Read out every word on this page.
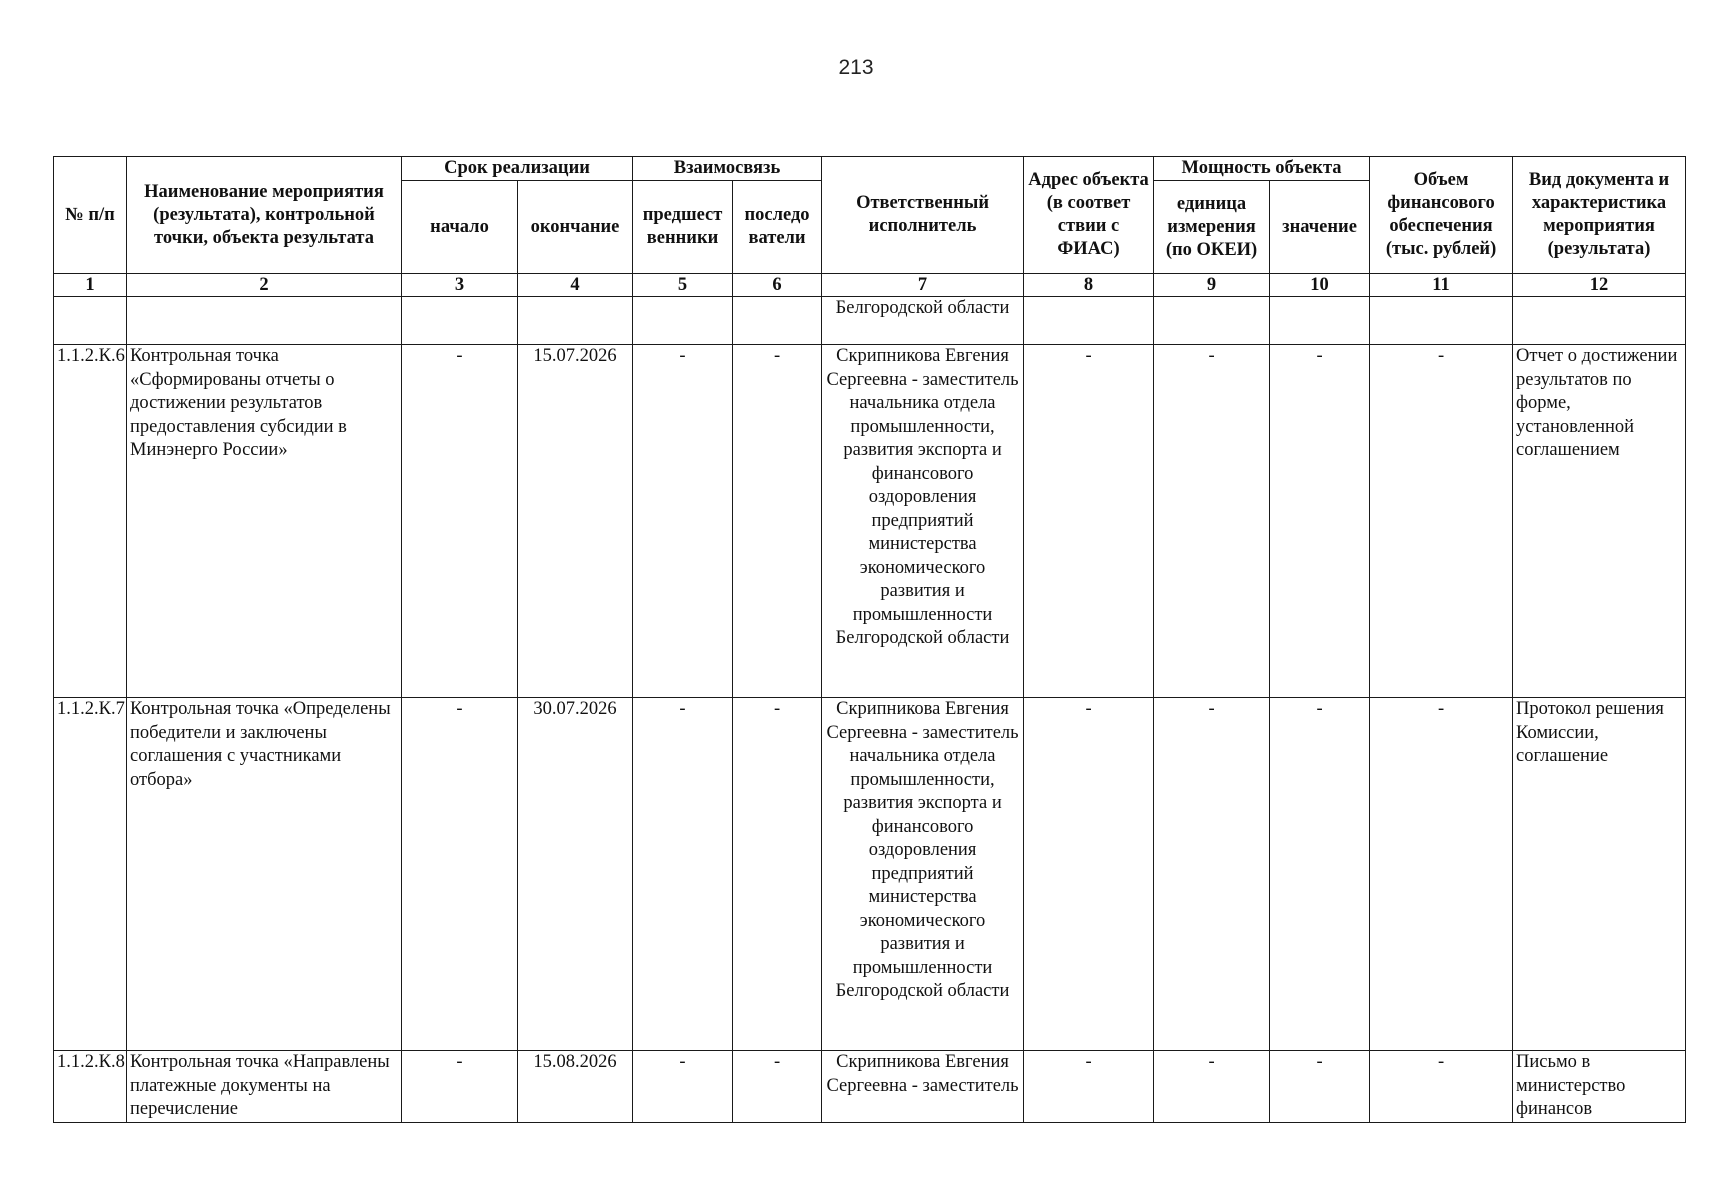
213
№ п/п	Наименование мероприятия (результата), контрольной точки, объекта результата	Срок реализации		Взаимосвязь		Ответственный исполнитель	Адрес объекта (в соответ ствии с ФИАС)	Мощность объекта		Объем финансового обеспечения (тыс. рублей)	Вид документа и характеристика мероприятия (результата)
		начало	окончание	предшест венники	последо ватели			единица измерения (по ОКЕИ)	значение		
1	2	3	4	5	6	7	8	9	10	11	12
						Белгородской области					
1.1.2.К.6	Контрольная точка «Сформированы отчеты о достижении результатов предоставления субсидии в Минэнерго России»	-	15.07.2026	-	-	Скрипникова Евгения Сергеевна - заместитель начальника отдела промышленности, развития экспорта и финансового оздоровления предприятий министерства экономического развития и промышленности Белгородской области	-	-	-	-	Отчет о достижении результатов по форме, установленной соглашением
1.1.2.К.7	Контрольная точка «Определены победители и заключены соглашения с участниками отбора»	-	30.07.2026	-	-	Скрипникова Евгения Сергеевна - заместитель начальника отдела промышленности, развития экспорта и финансового оздоровления предприятий министерства экономического развития и промышленности Белгородской области	-	-	-	-	Протокол решения Комиссии, соглашение
1.1.2.К.8	Контрольная точка «Направлены платежные документы на перечисление	-	15.08.2026	-	-	Скрипникова Евгения Сергеевна - заместитель	-	-	-	-	Письмо в министерство финансов
